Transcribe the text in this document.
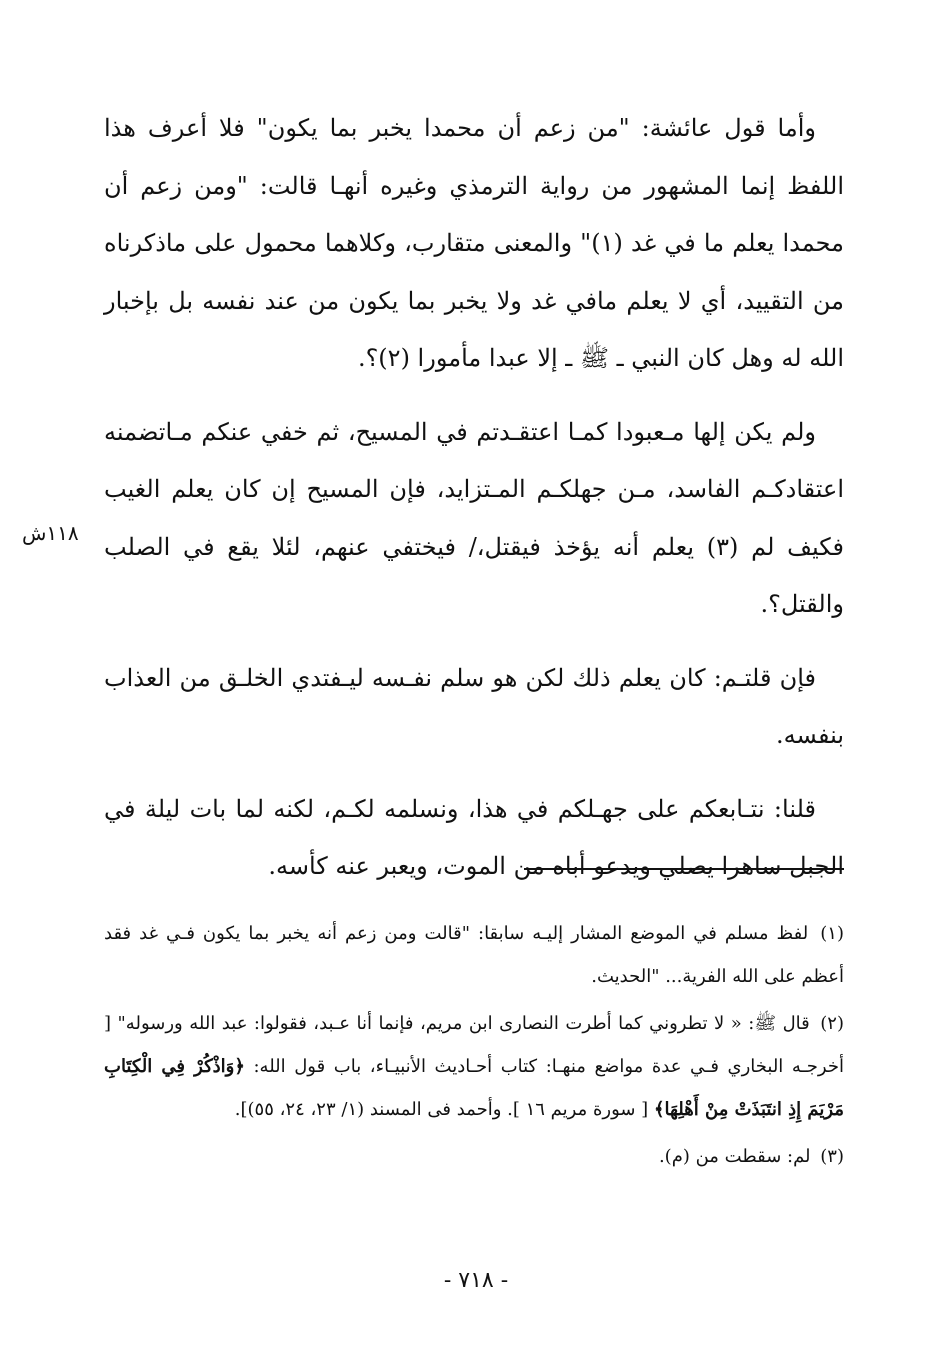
وأما قول عائشة: "من زعم أن محمدا يخبر بما يكون" فلا أعرف هذا اللفظ إنما المشهور من رواية الترمذي وغيره أنهـا قالت: "ومن زعم أن محمدا يعلم ما في غد (١)" والمعنى متقارب، وكلاهما محمول على ماذكرناه من التقييد، أي لا يعلم مافي غد ولا يخبر بما يكون من عند نفسه بل بإخبار الله له وهل كان النبي ـ ﷺ ـ إلا عبدا مأمورا (٢)؟.

ولم يكن إلها مـعبودا كمـا اعتقـدتم في المسيح، ثم خفي عنكم مـاتضمنه اعتقادكـم الفاسد، مـن جهلكـم المـتزايد، فإن المسيح إن كان يعلم الغيب فكيف لم (٣) يعلم أنه يؤخذ فيقتل،/ فيختفي عنهم، لئلا يقع في الصلب والقتل؟.

فإن قلتـم: كان يعلم ذلك لكن هو سلم نفـسه ليـفتدي الخلـق من العذاب بنفسه.

قلنا: نتـابعكم على جهـلكم في هذا، ونسلمه لكـم، لكنه لما بات ليلة في الجبل ساهرا يصلي ويدعو أباه من الموت، ويعبر عنه كأسه.

١١٨ش

(١) لفظ مسلم في الموضع المشار إليـه سابقا: "قالت ومن زعم أنه يخبر بما يكون فـي غد فقد أعظم على الله الفرية... "الحديث.

(٢) قال ﷺ: « لا تطروني كما أطرت النصارى ابن مريم، فإنما أنا عـبد، فقولوا: عبد الله ورسوله" [ أخرجـه البخاري فـي عدة مواضع منهـا: كتاب أحـاديث الأنبيـاء، باب قول الله: ﴿وَاذْكُرْ فِي الْكِتَابِ مَرْيَمَ إِذِ انتَبَذَتْ مِنْ أَهْلِهَا﴾ [ سورة مريم ١٦ ]. وأحمد فى المسند (١/ ٢٣، ٢٤، ٥٥)].

(٣) لم: سقطت من (م).

- ٧١٨ -
